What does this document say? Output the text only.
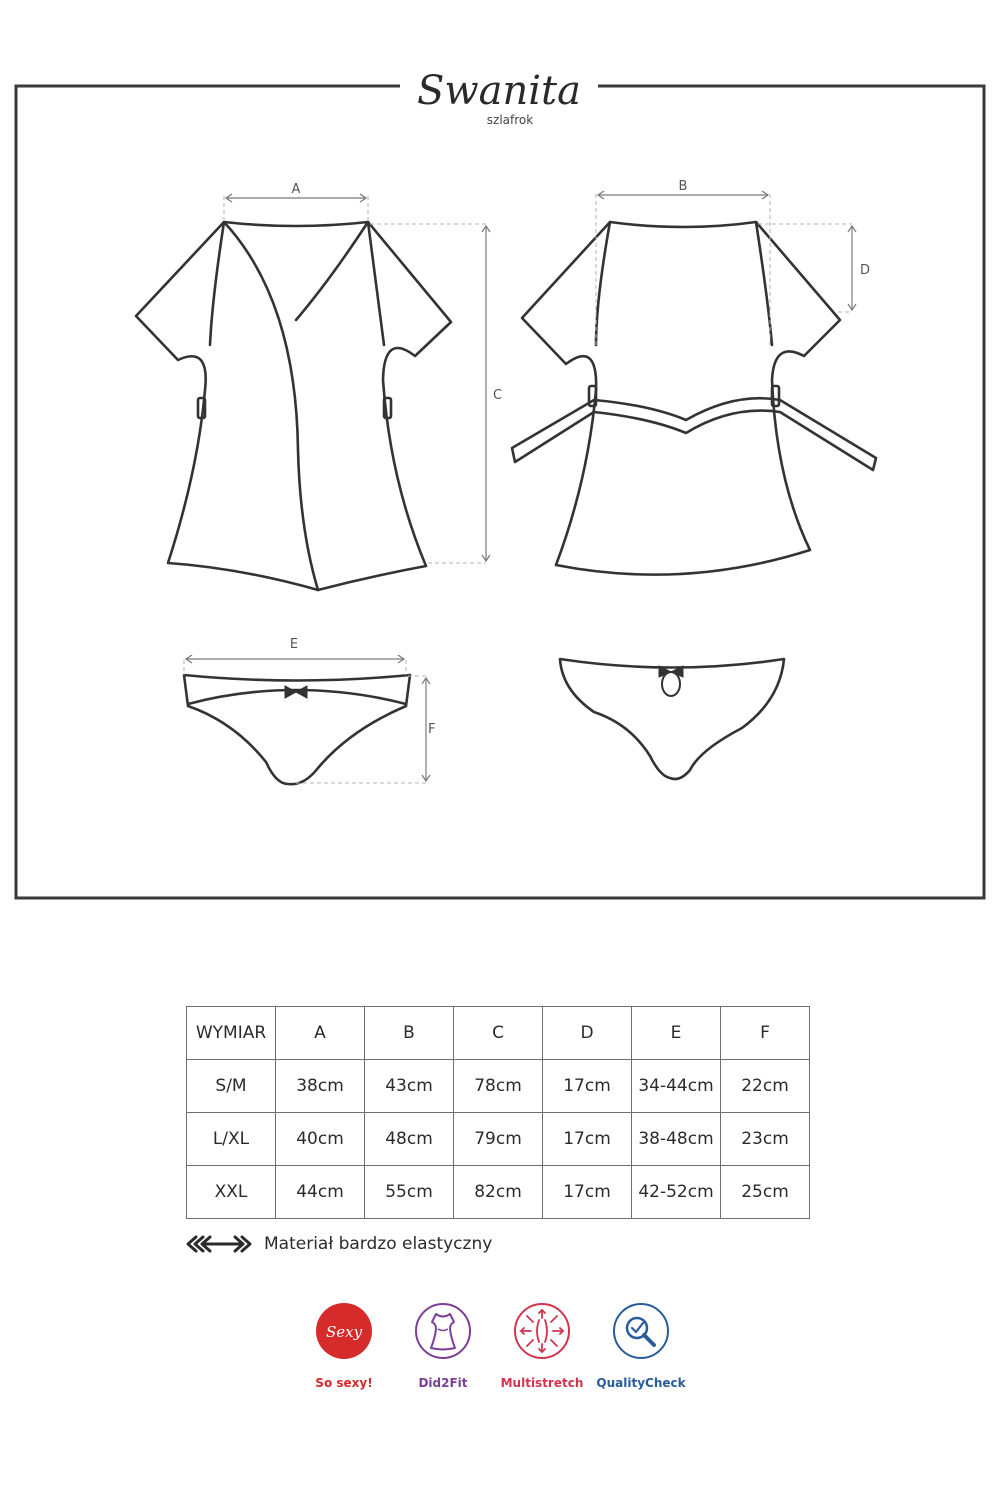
Swanita
szlafrok
A
C
B
D
E
F
WYMIAR	A	B	C	D	E	F
S/M	38cm	43cm	78cm	17cm	34-44cm	22cm
L/XL	40cm	48cm	79cm	17cm	38-48cm	23cm
XXL	44cm	55cm	82cm	17cm	42-52cm	25cm
Materiał bardzo elastyczny
Sexy
So sexy!	Did2Fit	Multistretch	QualityCheck
